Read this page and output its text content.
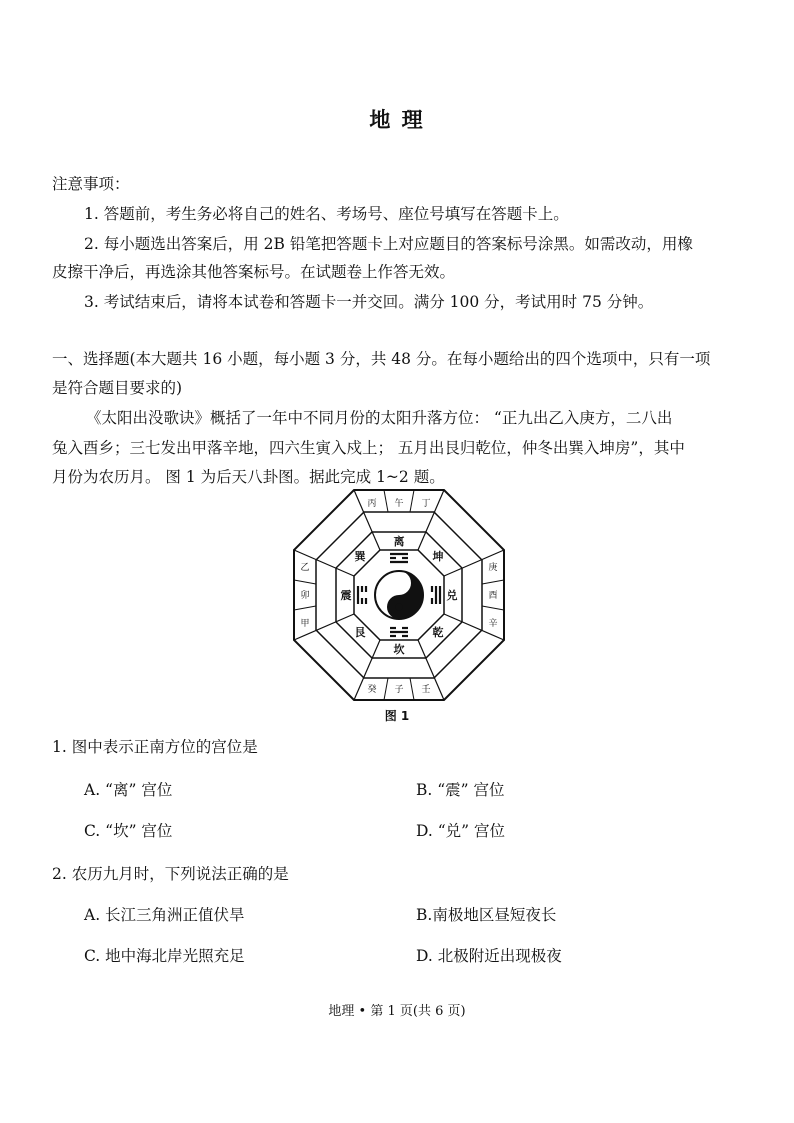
地 理
注意事项：
1. 答题前，考生务必将自己的姓名、考场号、座位号填写在答题卡上。
2. 每小题选出答案后，用 2B 铅笔把答题卡上对应题目的答案标号涂黑。如需改动，用橡
皮擦干净后，再选涂其他答案标号。在试题卷上作答无效。
3. 考试结束后，请将本试卷和答题卡一并交回。满分 100 分，考试用时 75 分钟。
一、选择题(本大题共 16 小题，每小题 3 分，共 48 分。在每小题给出的四个选项中，只有一项
是符合题目要求的)
《太阳出没歌诀》概括了一年中不同月份的太阳升落方位： “正九出乙入庚方，二八出
兔入酉乡；三七发出甲落辛地，四六生寅入戍上； 五月出艮归乾位，仲冬出巽入坤房”，其中
月份为农历月。 图 1 为后天八卦图。据此完成 1~2 题。
离
坤
兑
乾
坎
艮
震
巽
丙 午 丁
乙
卯
甲
庚
酉
辛
癸 子 壬
图 1
1. 图中表示正南方位的宫位是
A. “离” 宫位	B. “震” 宫位
C. “坎” 宫位	D. “兑” 宫位
2. 农历九月时，下列说法正确的是
A. 长江三角洲正值伏旱	B.南极地区昼短夜长
C. 地中海北岸光照充足	D. 北极附近出现极夜
地理 • 第 1 页(共 6 页)
